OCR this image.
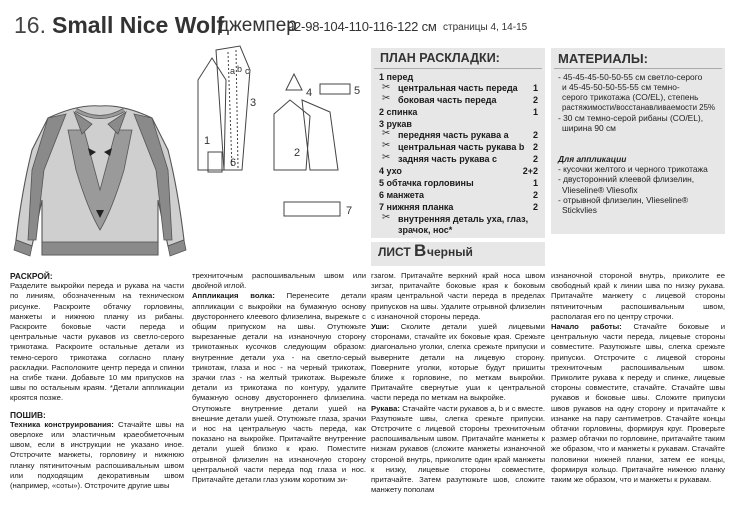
16. Small Nice Wolf
джемпер
92-98-104-110-116-122 см страницы 4, 14-15
a b c
3
1
4	5
6
2
7
ПЛАН РАСКЛАДКИ:
1 перед
✂ центральная часть переда	1
✂ боковая часть переда	2
2 спинка	1
3 рукав
✂ передняя часть рукава a	2
✂ центральная часть рукава b 2
✂ задняя часть рукава c	2
4 ухо	2+2
5 обтачка горловины	1
6 манжета	2
7 нижняя планка	2
✂ внутренняя деталь уха, глаз,
зрачок, нос*
ЛИСТ В черный
МАТЕРИАЛЫ:
- 45-45-45-50-50-55 см светло-серого
и 45-45-50-50-55-55 см темно-
серого трикотажа (CO/EL), степень
растяжимости/восстанавливаемости 25%
- 30 см темно-серой рибаны (CO/EL),
ширина 90 см
Для аппликации
- кусочки желтого и черного трикотажа
- двусторонний клеевой флизелин,
Vlieseline® Vliesofix
- отрывной флизелин, Vlieseline®
Stickvlies
РАСКРОЙ:
Разделите выкройки переда и рукава на части по линиям, обозначенным на техническом рисунке. Раскроите обтачку горловины, манжеты и нижнюю планку из рибаны. Раскроите боковые части переда и центральные части рукавов из светло-серого трикотажа. Раскроите остальные детали из темно-серого трикотажа согласно плану раскладки. Расположите центр переда и спинки на сгибе ткани. Добавьте 10 мм припусков на швы по остальным краям. *Детали аппликации кроятся позже.
ПОШИВ:
Техника конструирования: Стачайте швы на оверлоке или эластичным краеобметочным швом, если в инструкции не указано иное. Отстрочите манжеты, горловину и нижнюю планку пятиниточным распошивальным швом или подходящим декоративным швом (например, «соты»). Отстрочите другие швы
трехниточным распошивальным швом или двойной иглой.
Аппликация волка: Перенесите детали аппликации с выкройки на бумажную основу двустороннего клеевого флизелина, вырежьте с общим припуском на швы. Отутюжьте вырезанные детали на изнаночную сторону трикотажных кусочков следующим образом: внутренние детали уха - на светло-серый трикотаж, глаза и нос - на черный трикотаж, зрачки глаз - на желтый трикотаж. Вырежьте детали из трикотажа по контуру, удалите бумажную основу двустороннего флизелина. Отутюжьте внутренние детали ушей на внешние детали ушей. Отутюжьте глаза, зрачки и нос на центральную часть переда, как показано на выкройке. Притачайте внутренние детали ушей близко к краю. Поместите отрывной флизелин на изнаночную сторону центральной части переда под глаза и нос. Притачайте детали глаз узким коротким зи-
гзагом. Притачайте верхний край носа швом зигзаг, притачайте боковые края к боковым краям центральной части переда в пределах припусков на швы. Удалите отрывной флизелин с изнаночной стороны переда.
Уши: Сколите детали ушей лицевыми сторонами, стачайте их боковые края. Срежьте диагонально уголки, слегка срежьте припуски и выверните детали на лицевую сторону. Поверните уголки, которые будут пришиты ближе к горловине, по меткам выкройки. Притачайте свернутые уши к центральной части переда по меткам на выкройке.
Рукава: Стачайте части рукавов а, b и с вместе. Разутюжьте швы, слегка срежьте припуски. Отстрочите с лицевой стороны трехниточным распошивальным швом. Притачайте манжеты к низкам рукавов (сложите манжеты изнаночной стороной внутрь, приколите один край манжеты к низку, лицевые стороны совместите, притачайте. Затем разутюжьте шов, сложите манжету пополам
изнаночной стороной внутрь, приколите ее свободный край к линии шва по низку рукава. Притачайте манжету с лицевой стороны пятиниточным распошивальным швом, располагая его по центру строчки.
Начало работы: Стачайте боковые и центральную части переда, лицевые стороны совместите. Разутюжьте швы, слегка срежьте припуски. Отстрочите с лицевой стороны трехниточным распошивальным швом. Приколите рукава к переду и спинке, лицевые стороны совместите, стачайте. Стачайте швы рукавов и боковые швы. Сложите припуски швов рукавов на одну сторону и притачайте к изнанке на пару сантиметров. Стачайте концы обтачки горловины, формируя круг. Проверьте размер обтачки по горловине, притачайте таким же образом, что и манжеты к рукавам. Стачайте половинки нижней планки, затем ее концы, формируя кольцо. Притачайте нижнюю планку таким же образом, что и манжеты к рукавам.
